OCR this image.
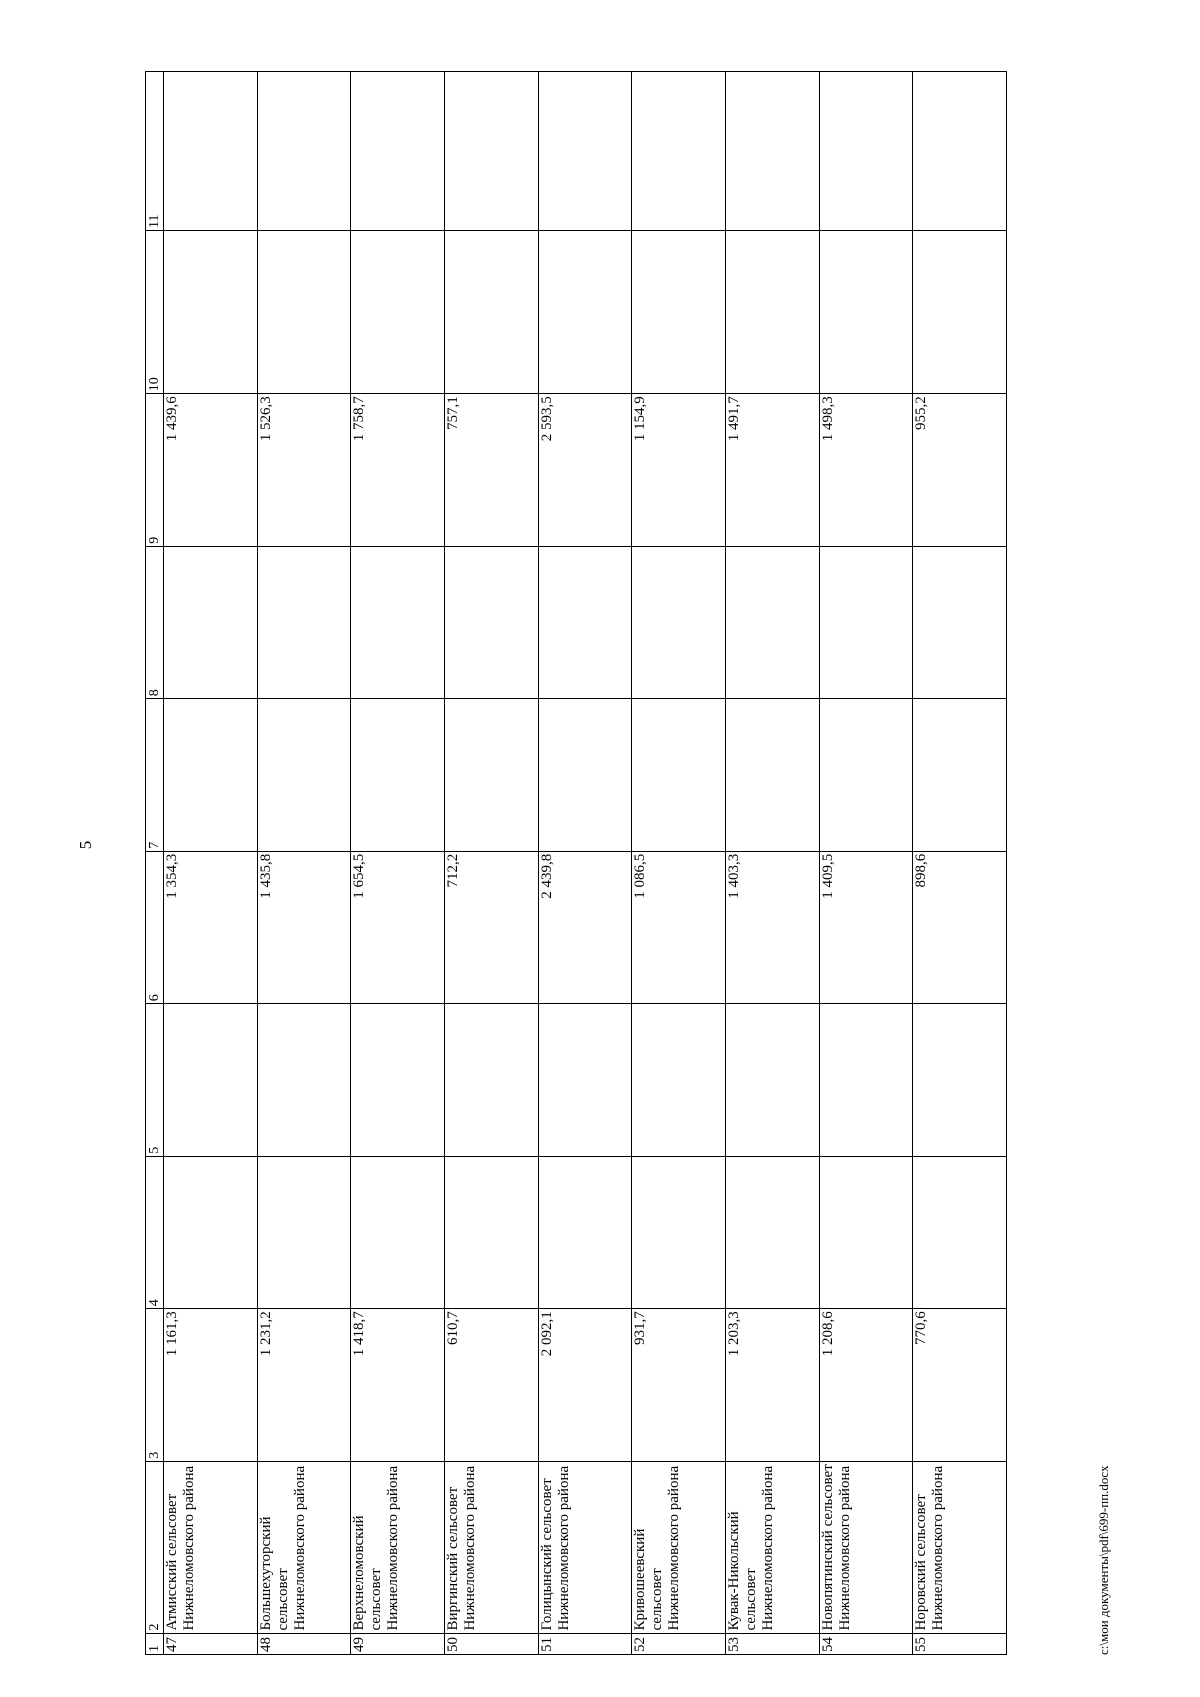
5
1	2	3	4	5	6	7	8	9	10	11
47	Атмисский сельсовет Нижнеломовского района	1 161,3			1 354,3			1 439,6		
48	Большехуторский сельсовет Нижнеломовского района	1 231,2			1 435,8			1 526,3		
49	Верхнеломовский сельсовет Нижнеломовского района	1 418,7			1 654,5			1 758,7		
50	Виргинский сельсовет Нижнеломовского района	610,7			712,2			757,1		
51	Голицынский сельсовет Нижнеломовского района	2 092,1			2 439,8			2 593,5		
52	Кривошеевский сельсовет Нижнеломовского района	931,7			1 086,5			1 154,9		
53	Кувак-Никольский сельсовет Нижнеломовского района	1 203,3			1 403,3			1 491,7		
54	Новопятинский сельсовет Нижнеломовского района	1 208,6			1 409,5			1 498,3		
55	Норовский сельсовет Нижнеломовского района	770,6			898,6			955,2		
c:\мои документы\pdf\699-пп.docx
